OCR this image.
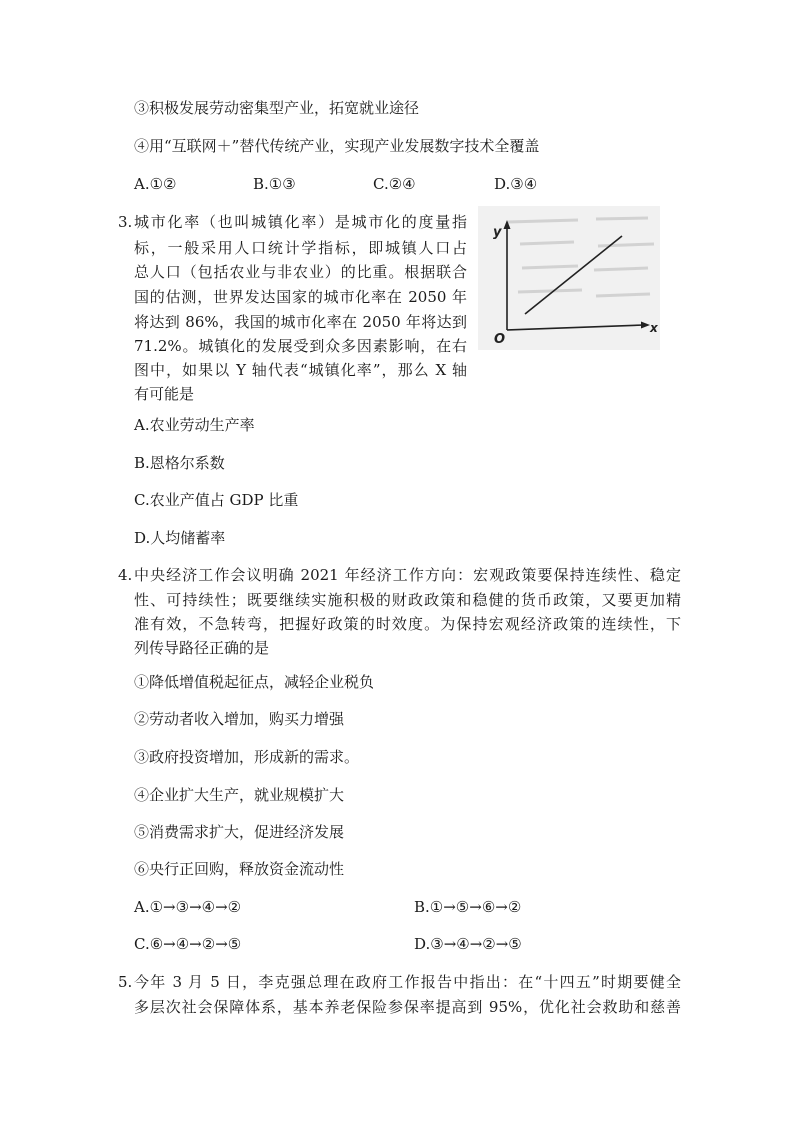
③积极发展劳动密集型产业，拓宽就业途径
④用“互联网＋”替代传统产业，实现产业发展数字技术全覆盖
A.①②	B.①③	C.②④	D.③④
3. 城市化率（也叫城镇化率）是城市化的度量指
标，一般采用人口统计学指标，即城镇人口占
总人口（包括农业与非农业）的比重。根据联合
国的估测，世界发达国家的城市化率在 2050 年
将达到 86%，我国的城市化率在 2050 年将达到
71.2%。城镇化的发展受到众多因素影响，在右
图中，如果以 Y 轴代表“城镇化率”，那么 X 轴
有可能是
y
x
O
A.农业劳动生产率
B.恩格尔系数
C.农业产值占 GDP 比重
D.人均储蓄率
4. 中央经济工作会议明确 2021 年经济工作方向：宏观政策要保持连续性、稳定
性、可持续性；既要继续实施积极的财政政策和稳健的货币政策，又要更加精
准有效，不急转弯，把握好政策的时效度。为保持宏观经济政策的连续性，下
列传导路径正确的是
①降低增值税起征点，减轻企业税负
②劳动者收入增加，购买力增强
③政府投资增加，形成新的需求。
④企业扩大生产，就业规模扩大
⑤消费需求扩大，促进经济发展
⑥央行正回购，释放资金流动性
A.①→③→④→②	B.①→⑤→⑥→②
C.⑥→④→②→⑤	D.③→④→②→⑤
5. 今年 3 月 5 日，李克强总理在政府工作报告中指出：在“十四五”时期要健全
多层次社会保障体系，基本养老保险参保率提高到 95%，优化社会救助和慈善
